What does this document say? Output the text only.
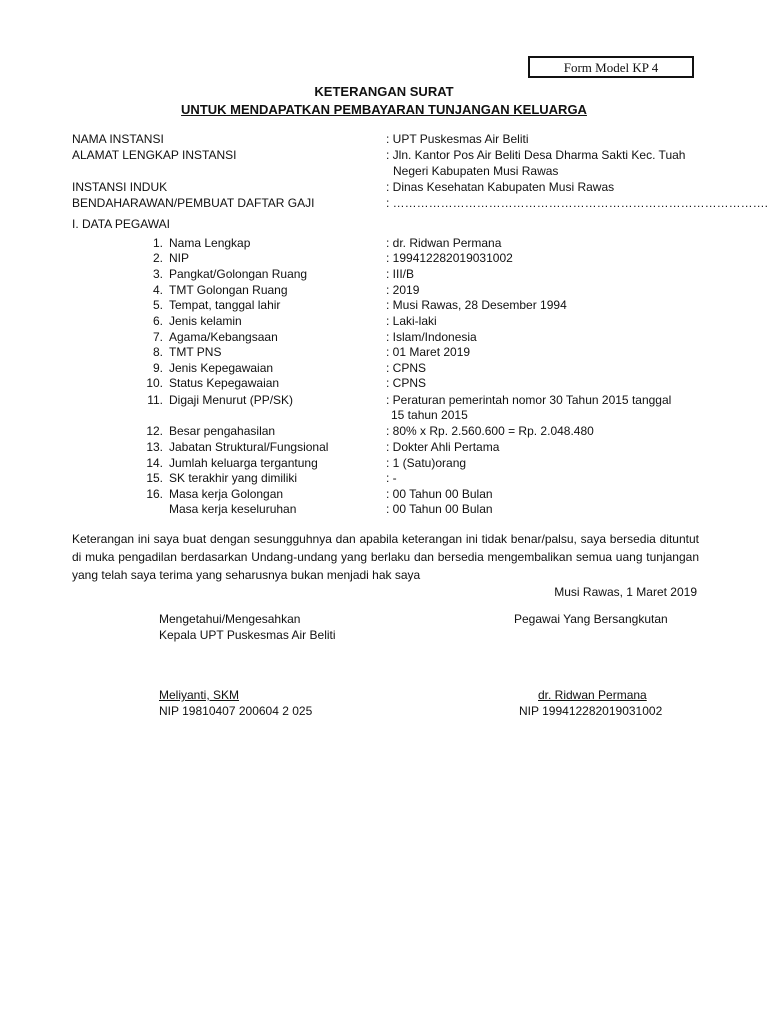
Form Model KP 4
KETERANGAN SURAT
UNTUK MENDAPATKAN PEMBAYARAN TUNJANGAN KELUARGA
NAMA INSTANSI	: UPT Puskesmas Air Beliti
ALAMAT LENGKAP INSTANSI	: Jln. Kantor Pos Air Beliti Desa Dharma Sakti Kec. Tuah
Negeri Kabupaten Musi Rawas
INSTANSI INDUK	: Dinas Kesehatan Kabupaten Musi Rawas
BENDAHARAWAN/PEMBUAT DAFTAR GAJI	: ………………………………………………………………………………….
I. DATA PEGAWAI
1. Nama Lengkap	: dr. Ridwan Permana
2. NIP	: 199412282019031002
3. Pangkat/Golongan Ruang	: III/B
4. TMT Golongan Ruang	: 2019
5. Tempat, tanggal lahir	: Musi Rawas, 28 Desember 1994
6. Jenis kelamin	: Laki-laki
7. Agama/Kebangsaan	: Islam/Indonesia
8. TMT PNS	: 01 Maret 2019
9. Jenis Kepegawaian	: CPNS
10. Status Kepegawaian	: CPNS
11. Digaji Menurut (PP/SK)	: Peraturan pemerintah nomor 30 Tahun 2015 tanggal
15 tahun 2015
12. Besar pengahasilan	: 80% x Rp. 2.560.600 = Rp. 2.048.480
13. Jabatan Struktural/Fungsional	: Dokter Ahli Pertama
14. Jumlah keluarga tergantung	: 1 (Satu)orang
15. SK terakhir yang dimiliki	: -
16. Masa kerja Golongan	: 00 Tahun 00 Bulan
Masa kerja keseluruhan	: 00 Tahun 00 Bulan
Keterangan ini saya buat dengan sesungguhnya dan apabila keterangan ini tidak benar/palsu, saya bersedia dituntut di muka pengadilan berdasarkan Undang-undang yang berlaku dan bersedia mengembalikan semua uang tunjangan yang telah saya terima yang seharusnya bukan menjadi hak saya
Musi Rawas, 1 Maret 2019
Mengetahui/Mengesahkan
Kepala UPT Puskesmas Air Beliti
Meliyanti, SKM
NIP 19810407 200604 2 025
Pegawai Yang Bersangkutan
dr. Ridwan Permana
NIP 199412282019031002
